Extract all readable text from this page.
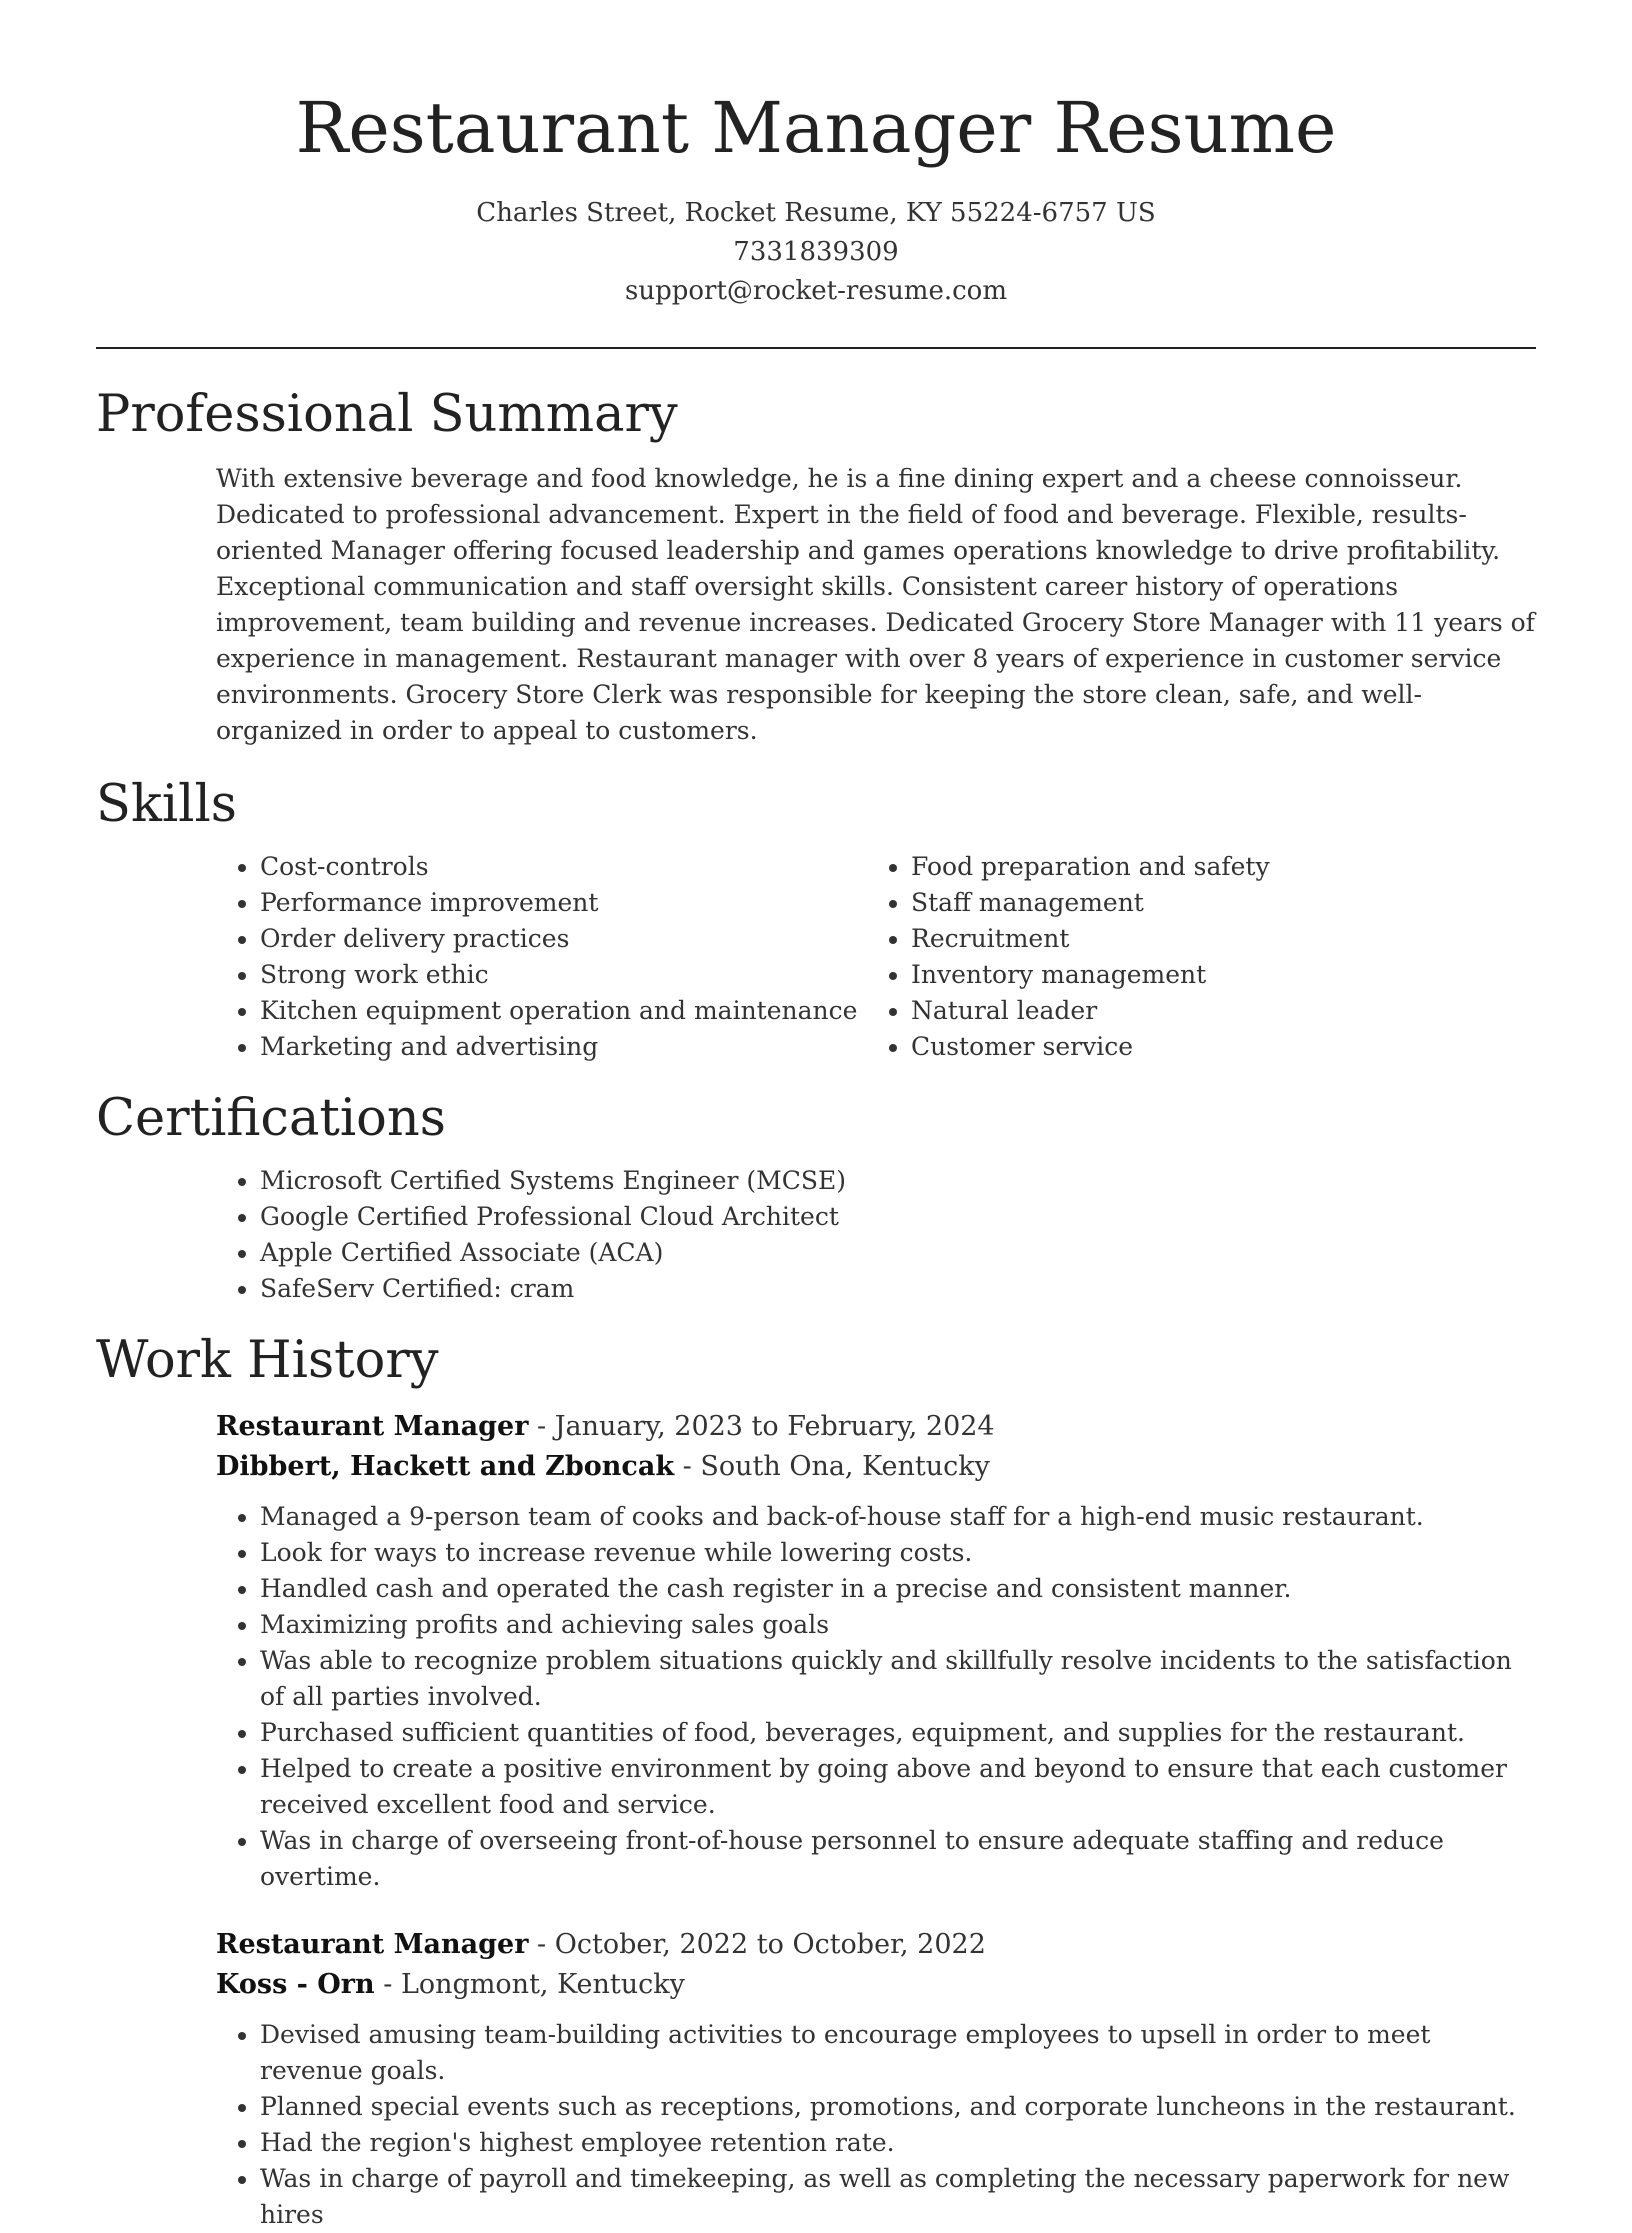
Restaurant Manager Resume
Charles Street, Rocket Resume, KY 55224-6757 US
7331839309
support@rocket-resume.com
Professional Summary

With extensive beverage and food knowledge, he is a fine dining expert and a cheese connoisseur. Dedicated to professional advancement. Expert in the field of food and beverage. Flexible, results-oriented Manager offering focused leadership and games operations knowledge to drive profitability. Exceptional communication and staff oversight skills. Consistent career history of operations improvement, team building and revenue increases. Dedicated Grocery Store Manager with 11 years of experience in management. Restaurant manager with over 8 years of experience in customer service environments. Grocery Store Clerk was responsible for keeping the store clean, safe, and well-organized in order to appeal to customers.

Skills
• Cost-controls
• Performance improvement
• Order delivery practices
• Strong work ethic
• Kitchen equipment operation and maintenance
• Marketing and advertising
• Food preparation and safety
• Staff management
• Recruitment
• Inventory management
• Natural leader
• Customer service
Certifications
• Microsoft Certified Systems Engineer (MCSE)
• Google Certified Professional Cloud Architect
• Apple Certified Associate (ACA)
• SafeServ Certified: cram
Work History
Restaurant Manager - January, 2023 to February, 2024
Dibbert, Hackett and Zboncak - South Ona, Kentucky
• Managed a 9-person team of cooks and back-of-house staff for a high-end music restaurant.
• Look for ways to increase revenue while lowering costs.
• Handled cash and operated the cash register in a precise and consistent manner.
• Maximizing profits and achieving sales goals
• Was able to recognize problem situations quickly and skillfully resolve incidents to the satisfaction of all parties involved.
• Purchased sufficient quantities of food, beverages, equipment, and supplies for the restaurant.
• Helped to create a positive environment by going above and beyond to ensure that each customer received excellent food and service.
• Was in charge of overseeing front-of-house personnel to ensure adequate staffing and reduce overtime.
Restaurant Manager - October, 2022 to October, 2022
Koss - Orn - Longmont, Kentucky
• Devised amusing team-building activities to encourage employees to upsell in order to meet revenue goals.
• Planned special events such as receptions, promotions, and corporate luncheons in the restaurant.
• Had the region's highest employee retention rate.
• Was in charge of payroll and timekeeping, as well as completing the necessary paperwork for new hires
